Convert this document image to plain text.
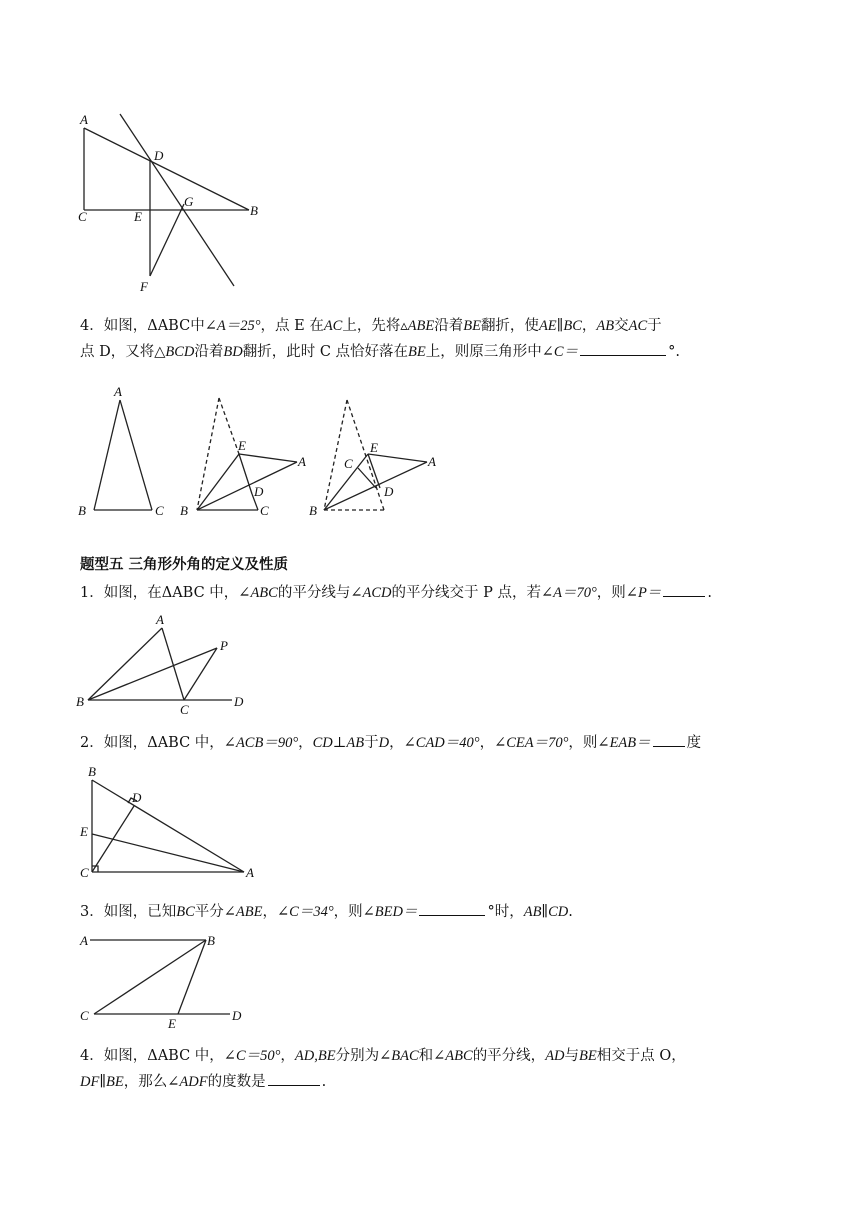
A
D
G
C	E	B
F
4．如图，ΔABC中∠A＝25°，点 E 在AC上，先将▵ABE沿着BE翻折，使AE∥BC，AB交AC于
点 D，又将△BCD沿着BD翻折，此时 C 点恰好落在BE上，则原三角形中∠C＝	°.
A
B	C
E
D
A
B	C
E
C	A
D
B
题型五 三角形外角的定义及性质
1．如图，在ΔABC 中，∠ABC的平分线与∠ACD的平分线交于 P 点，若∠A＝70°，则∠P＝	.
A
P
B
C
D
2．如图，ΔABC 中，∠ACB＝90°，CD⊥AB于D，∠CAD＝40°，∠CEA＝70°，则∠EAB＝ 度
B
D
E
C	A
3．如图，已知BC平分∠ABE，∠C＝34°，则∠BED＝	°时，AB∥CD.
A	B
C
E
D
4．如图，ΔABC 中，∠C＝50°，AD,BE分别为∠BAC和∠ABC的平分线，AD与BE相交于点 O，
DF∥BE，那么∠ADF的度数是	.
